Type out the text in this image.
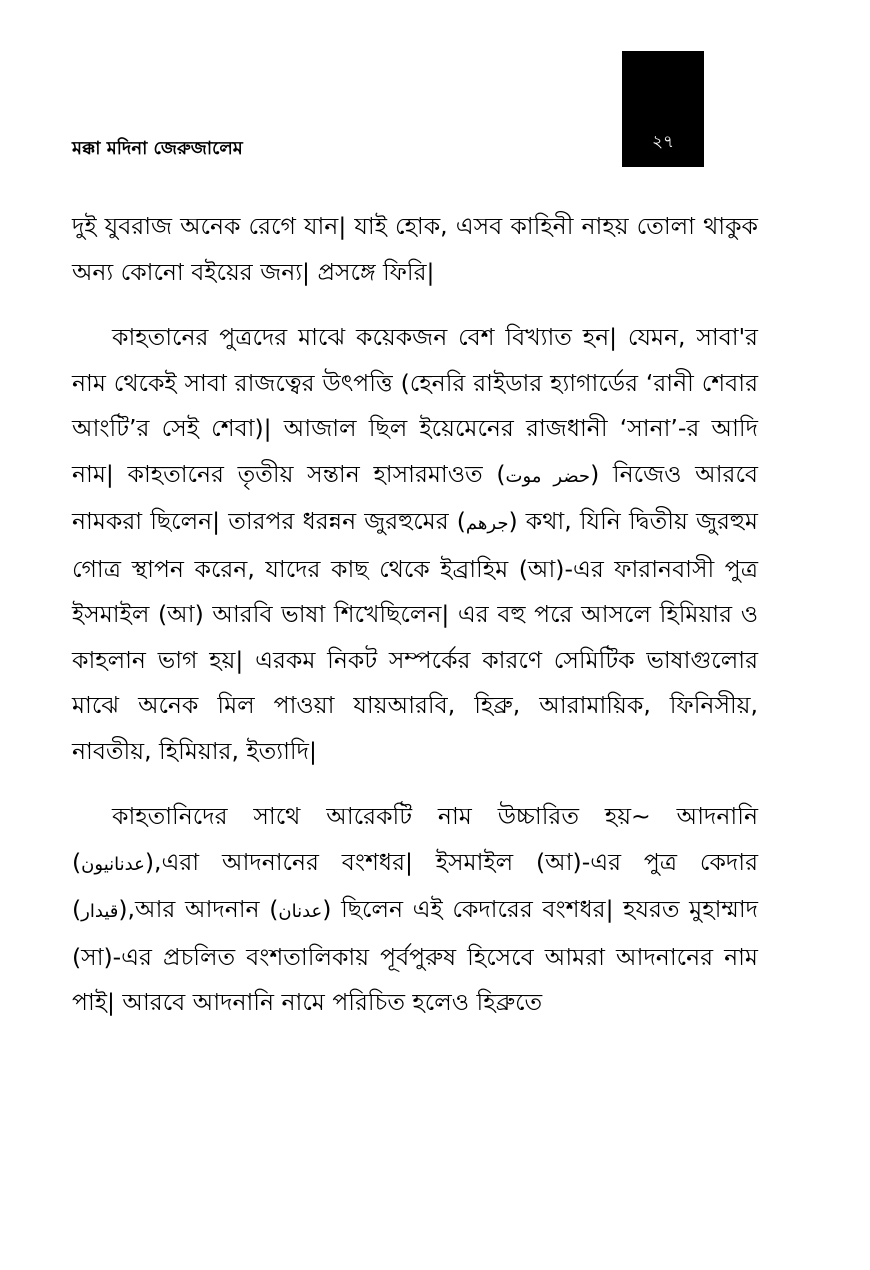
মক্কা মদিনা জেরুজালেম	২৭

দুই যুবরাজ অনেক রেগে যান| যাই হোক, এসব কাহিনী নাহয় তোলা থাকুক অন্য কোনো বইয়ের জন্য| প্রসঙ্গে ফিরি|

কাহতানের পুত্রদের মাঝে কয়েকজন বেশ বিখ্যাত হন| যেমন, সাবা'র নাম থেকেই সাবা রাজত্বের উৎপত্তি (হেনরি রাইডার হ্যাগার্ডের ‘রানী শেবার আংটি’র সেই শেবা)| আজাল ছিল ইয়েমেনের রাজধানী ‘সানা’-র আদি নাম| কাহতানের তৃতীয় সন্তান হাসারমাওত (حضر موت) নিজেও আরবে নামকরা ছিলেন| তারপর ধরন্নন জুরহুমের (جرهم) কথা, যিনি দ্বিতীয় জুরহুম গোত্র স্থাপন করেন, যাদের কাছ থেকে ইব্রাহিম (আ)-এর ফারানবাসী পুত্র ইসমাইল (আ) আরবি ভাষা শিখেছিলেন| এর বহু পরে আসলে হিমিয়ার ও কাহলান ভাগ হয়| এরকম নিকট সম্পর্কের কারণে সেমিটিক ভাষাগুলোর মাঝে অনেক মিল পাওয়া যায়আরবি, হিব্রু, আরামায়িক, ফিনিসীয়, নাবতীয়, হিমিয়ার, ইত্যাদি|

কাহতানিদের সাথে আরেকটি নাম উচ্চারিত হয়~ আদনানি (عدنانيون),এরা আদনানের বংশধর| ইসমাইল (আ)-এর পুত্র কেদার (قيدار),আর আদনান (عدنان) ছিলেন এই কেদারের বংশধর| হযরত মুহাম্মাদ (সা)-এর প্রচলিত বংশতালিকায় পূর্বপুরুষ হিসেবে আমরা আদনানের নাম পাই| আরবে আদনানি নামে পরিচিত হলেও হিব্রুতে
